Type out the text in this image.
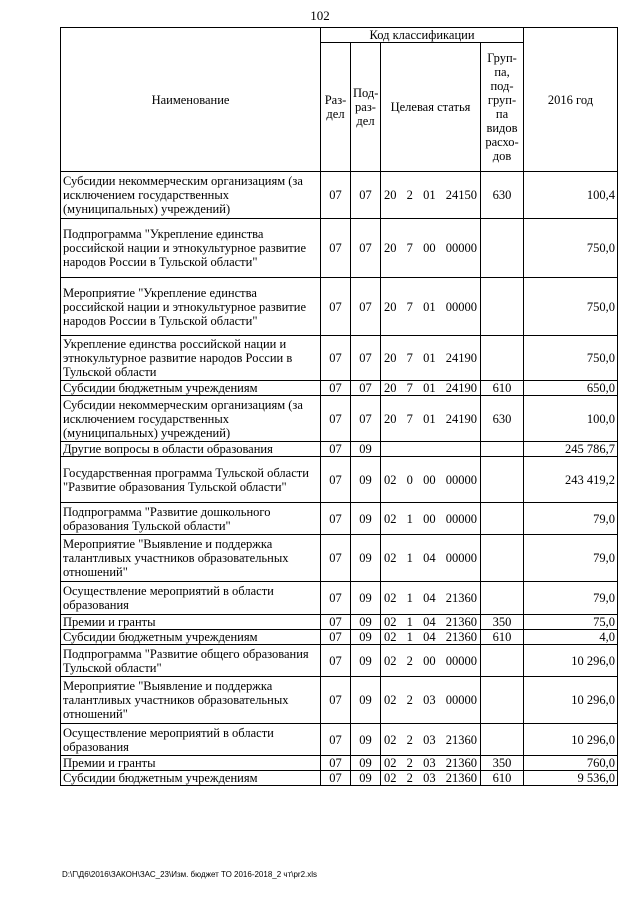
102
Наименование	Код классификации				2016 год
	Раз- дел	Под- раз- дел	Целевая статья	Груп- па, под- груп- па видов расхо- дов	
Субсидии некоммерческим организациям (за исключением государственных (муниципальных) учреждений)	07	07	20 2 01 24150	630	100,4
Подпрограмма "Укрепление единства российской нации и этнокультурное развитие народов России в Тульской области"	07	07	20 7 00 00000		750,0
Мероприятие "Укрепление единства российской нации и этнокультурное развитие народов России в Тульской области"	07	07	20 7 01 00000		750,0
Укрепление единства российской нации и этнокультурное развитие народов России в Тульской области	07	07	20 7 01 24190		750,0
Субсидии бюджетным учреждениям	07	07	20 7 01 24190	610	650,0
Субсидии некоммерческим организациям (за исключением государственных (муниципальных) учреждений)	07	07	20 7 01 24190	630	100,0
Другие вопросы в области образования	07	09			245 786,7
Государственная программа Тульской области "Развитие образования Тульской области"	07	09	02 0 00 00000		243 419,2
Подпрограмма "Развитие дошкольного образования Тульской области"	07	09	02 1 00 00000		79,0
Мероприятие "Выявление и поддержка талантливых участников образовательных отношений"	07	09	02 1 04 00000		79,0
Осуществление мероприятий в области образования	07	09	02 1 04 21360		79,0
Премии и гранты	07	09	02 1 04 21360	350	75,0
Субсидии бюджетным учреждениям	07	09	02 1 04 21360	610	4,0
Подпрограмма "Развитие общего образования Тульской области"	07	09	02 2 00 00000		10 296,0
Мероприятие "Выявление и поддержка талантливых участников образовательных отношений"	07	09	02 2 03 00000		10 296,0
Осуществление мероприятий в области образования	07	09	02 2 03 21360		10 296,0
Премии и гранты	07	09	02 2 03 21360	350	760,0
Субсидии бюджетным учреждениям	07	09	02 2 03 21360	610	9 536,0
D:\Г\Д6\2016\ЗАКОН\ЗАС_23\Изм. бюджет ТО 2016-2018_2 чт\pr2.xls
